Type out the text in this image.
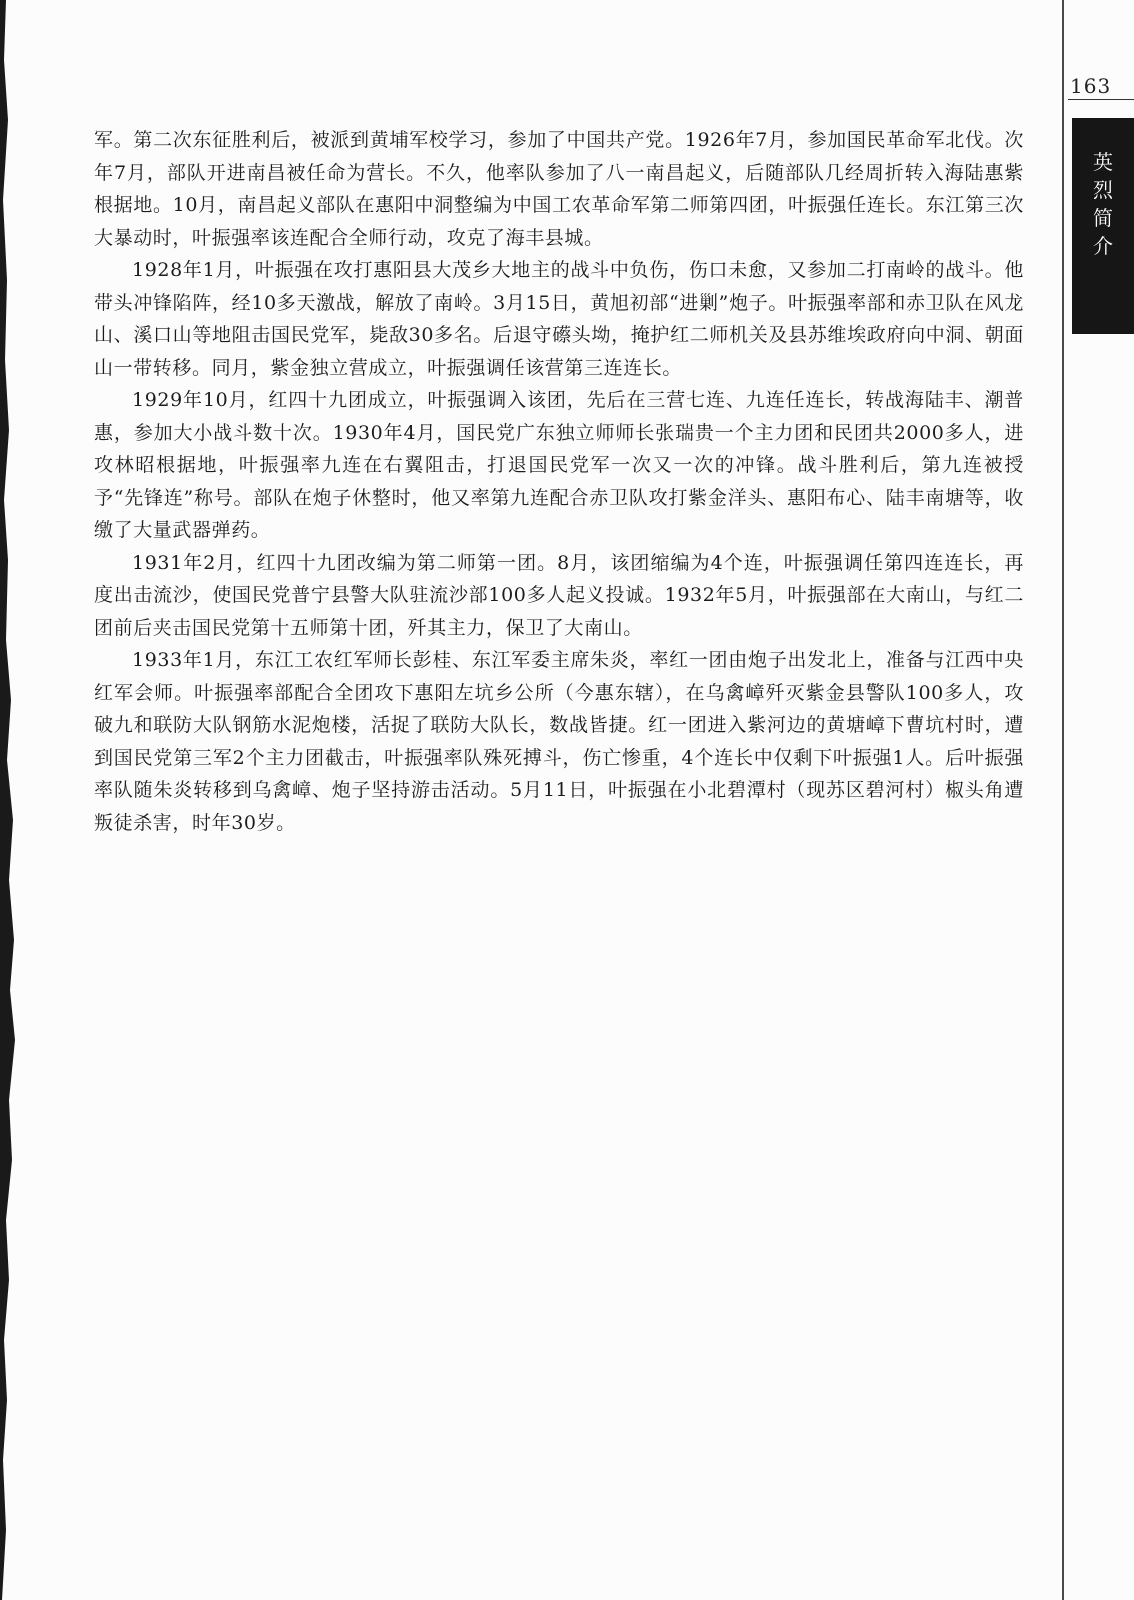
163
英
烈
简
介

军。第二次东征胜利后，被派到黄埔军校学习，参加了中国共产党。1926年7月，参加国民革命军北伐。次年7月，部队开进南昌被任命为营长。不久，他率队参加了八一南昌起义，后随部队几经周折转入海陆惠紫根据地。10月，南昌起义部队在惠阳中洞整编为中国工农革命军第二师第四团，叶振强任连长。东江第三次大暴动时，叶振强率该连配合全师行动，攻克了海丰县城。

1928年1月，叶振强在攻打惠阳县大茂乡大地主的战斗中负伤，伤口未愈，又参加二打南岭的战斗。他带头冲锋陷阵，经10多天激战，解放了南岭。3月15日，黄旭初部“进剿”炮子。叶振强率部和赤卫队在风龙山、溪口山等地阻击国民党军，毙敌30多名。后退守礤头坳，掩护红二师机关及县苏维埃政府向中洞、朝面山一带转移。同月，紫金独立营成立，叶振强调任该营第三连连长。

1929年10月，红四十九团成立，叶振强调入该团，先后在三营七连、九连任连长，转战海陆丰、潮普惠，参加大小战斗数十次。1930年4月，国民党广东独立师师长张瑞贵一个主力团和民团共2000多人，进攻林昭根据地，叶振强率九连在右翼阻击，打退国民党军一次又一次的冲锋。战斗胜利后，第九连被授予“先锋连”称号。部队在炮子休整时，他又率第九连配合赤卫队攻打紫金洋头、惠阳布心、陆丰南塘等，收缴了大量武器弹药。

1931年2月，红四十九团改编为第二师第一团。8月，该团缩编为4个连，叶振强调任第四连连长，再度出击流沙，使国民党普宁县警大队驻流沙部100多人起义投诚。1932年5月，叶振强部在大南山，与红二团前后夹击国民党第十五师第十团，歼其主力，保卫了大南山。

1933年1月，东江工农红军师长彭桂、东江军委主席朱炎，率红一团由炮子出发北上，准备与江西中央红军会师。叶振强率部配合全团攻下惠阳左坑乡公所（今惠东辖），在乌禽嶂歼灭紫金县警队100多人，攻破九和联防大队钢筋水泥炮楼，活捉了联防大队长，数战皆捷。红一团进入紫河边的黄塘嶂下曹坑村时，遭到国民党第三军2个主力团截击，叶振强率队殊死搏斗，伤亡惨重，4个连长中仅剩下叶振强1人。后叶振强率队随朱炎转移到乌禽嶂、炮子坚持游击活动。5月11日，叶振强在小北碧潭村（现苏区碧河村）椒头角遭叛徒杀害，时年30岁。
